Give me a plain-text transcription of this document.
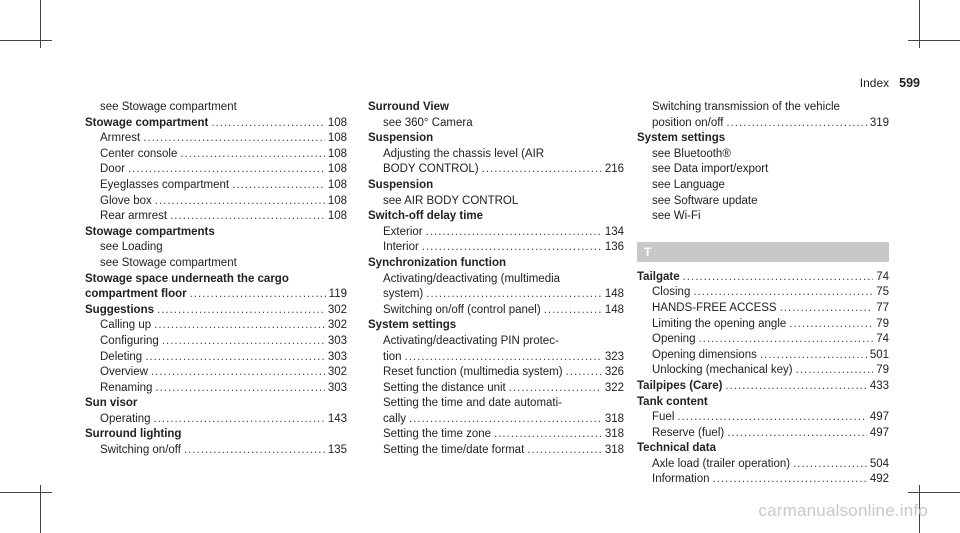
Index 599
see Stowage compartment
Stowage compartment .....	108
Armrest .....	108
Center console .....	108
Door .....	108
Eyeglasses compartment .....	108
Glove box .....	108
Rear armrest .....	108
Stowage compartments
see Loading
see Stowage compartment
Stowage space underneath the cargo
compartment floor .....	119
Suggestions .....	302
Calling up .....	302
Configuring .....	303
Deleting .....	303
Overview .....	302
Renaming .....	303
Sun visor
Operating .....	143
Surround lighting
Switching on/off .....	135
Surround View
see 360° Camera
Suspension
Adjusting the chassis level (AIR
BODY CONTROL) .....	216
Suspension
see AIR BODY CONTROL
Switch-off delay time
Exterior .....	134
Interior .....	136
Synchronization function
Activating/deactivating (multimedia
system) .....	148
Switching on/off (control panel) .....	148
System settings
Activating/deactivating PIN protec-
tion .....	323
Reset function (multimedia system) .....	326
Setting the distance unit .....	322
Setting the time and date automati-
cally .....	318
Setting the time zone .....	318
Setting the time/date format .....	318
Switching transmission of the vehicle
position on/off .....	319
System settings
see Bluetooth®
see Data import/export
see Language
see Software update
see Wi-Fi
T
Tailgate .....	74
Closing .....	75
HANDS-FREE ACCESS .....	77
Limiting the opening angle .....	79
Opening .....	74
Opening dimensions .....	501
Unlocking (mechanical key) .....	79
Tailpipes (Care) .....	433
Tank content
Fuel .....	497
Reserve (fuel) .....	497
Technical data
Axle load (trailer operation) .....	504
Information .....	492
carmanualsonline.info
